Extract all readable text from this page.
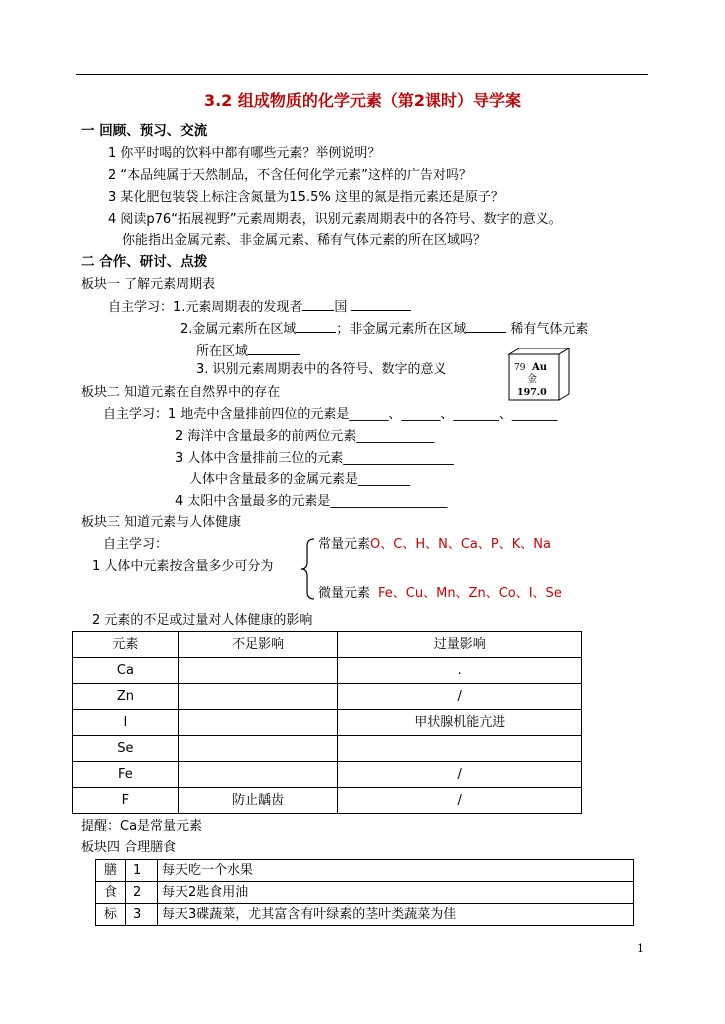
3.2 组成物质的化学元素（第2课时）导学案
一 回顾、预习、交流
1 你平时喝的饮料中都有哪些元素？举例说明？
2 “本品纯属于天然制品，不含任何化学元素”这样的广告对吗？
3 某化肥包装袋上标注含氮量为15.5% 这里的氮是指元素还是原子？
4 阅读p76“拓展视野”元素周期表，识别元素周期表中的各符号、数字的意义。
你能指出金属元素、非金属元素、稀有气体元素的所在区域吗？
二 合作、研讨、点拨
板块一 了解元素周期表
自主学习：1.元素周期表的发现者 国
2.金属元素所在区域	；非金属元素所在区域	稀有气体元素
所在区域
3. 识别元素周期表中的各符号、数字的意义	79 Au
金
197.0
板块二 知道元素在自然界中的存在
自主学习：1 地壳中含量排前四位的元素是______、______、_______、_______
2 海洋中含量最多的前两位元素____________
3 人体中含量排前三位的元素_________________
人体中含量最多的金属元素是________
4 太阳中含量最多的元素是__________________
板块三 知道元素与人体健康
自主学习：
1 人体中元素按含量多少可分为
常量元素O、C、H、N、Ca、P、K、Na
微量元素 Fe、Cu、Mn、Zn、Co、I、Se
2 元素的不足或过量对人体健康的影响
元素	不足影响	过量影响
Ca		.
Zn		/
I		甲状腺机能亢进
Se		
Fe		/
F	防止龋齿	/
提醒：Ca是常量元素
板块四 合理膳食
膳	1	每天吃一个水果
食	2	每天2匙食用油
标	3	每天3碟蔬菜，尤其富含有叶绿素的茎叶类蔬菜为佳
1
